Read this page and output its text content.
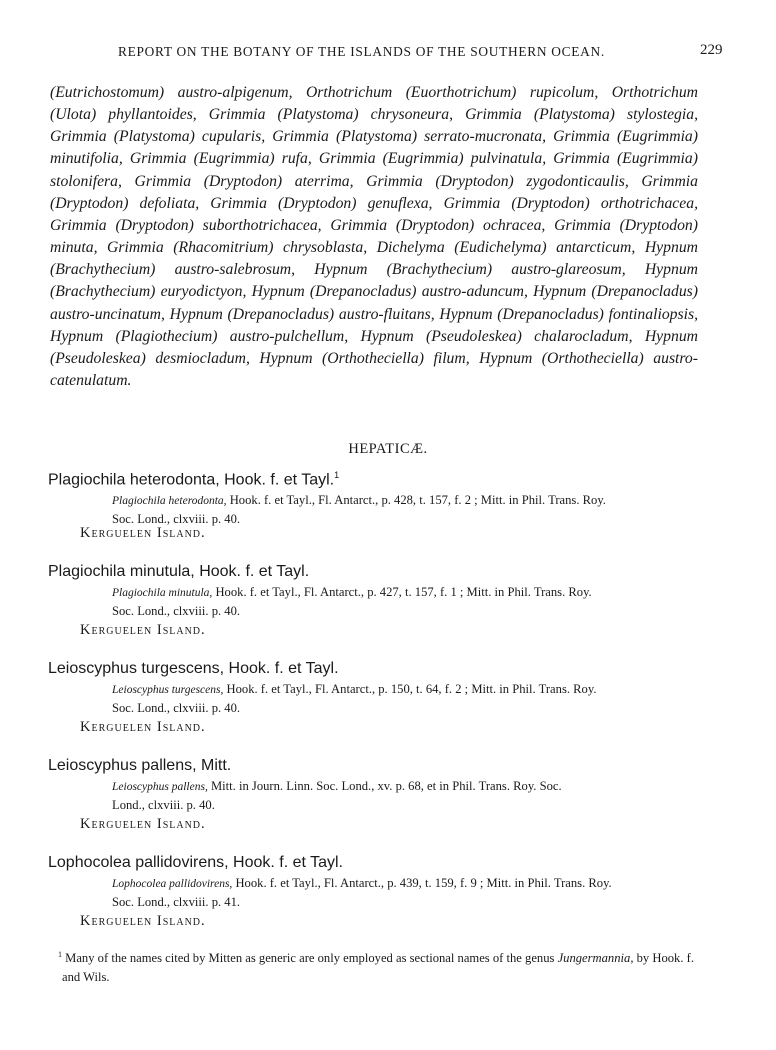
REPORT ON THE BOTANY OF THE ISLANDS OF THE SOUTHERN OCEAN.	229
(Eutrichostomum) austro-alpigenum, Orthotrichum (Euorthotrichum) rupicolum, Orthotrichum (Ulota) phyllantoides, Grimmia (Platystoma) chrysoneura, Grimmia (Platystoma) stylostegia, Grimmia (Platystoma) cupularis, Grimmia (Platystoma) serrato-mucronata, Grimmia (Eugrimmia) minutifolia, Grimmia (Eugrimmia) rufa, Grimmia (Eugrimmia) pulvinatula, Grimmia (Eugrimmia) stolonifera, Grimmia (Dryptodon) aterrima, Grimmia (Dryptodon) zygodonticaulis, Grimmia (Dryptodon) defoliata, Grimmia (Dryptodon) genuflexa, Grimmia (Dryptodon) orthotrichacea, Grimmia (Dryptodon) suborthotrichacea, Grimmia (Dryptodon) ochracea, Grimmia (Dryptodon) minuta, Grimmia (Rhacomitrium) chrysoblasta, Dichelyma (Eudichelyma) antarcticum, Hypnum (Brachythecium) austro-salebrosum, Hypnum (Brachythecium) austro-glareosum, Hypnum (Brachythecium) euryodictyon, Hypnum (Drepanocladus) austro-aduncum, Hypnum (Drepanocladus) austro-uncinatum, Hypnum (Drepanocladus) austro-fluitans, Hypnum (Drepanocladus) fontinaliopsis, Hypnum (Plagiothecium) austro-pulchellum, Hypnum (Pseudoleskea) chalarocladum, Hypnum (Pseudoleskea) desmiocladum, Hypnum (Orthotheciella) filum, Hypnum (Orthotheciella) austro-catenulatum.
HEPATICÆ.

Plagiochila heterodonta, Hook. f. et Tayl.$^1$

Plagiochila heterodonta, Hook. f. et Tayl., Fl. Antarct., p. 428, t. 157, f. 2 ; Mitt. in Phil. Trans. Roy.
Soc. Lond., clxviii. p. 40.
Kerguelen Island.

Plagiochila minutula, Hook. f. et Tayl.

Plagiochila minutula, Hook. f. et Tayl., Fl. Antarct., p. 427, t. 157, f. 1 ; Mitt. in Phil. Trans. Roy.
Soc. Lond., clxviii. p. 40.
Kerguelen Island.

Leioscyphus turgescens, Hook. f. et Tayl.

Leioscyphus turgescens, Hook. f. et Tayl., Fl. Antarct., p. 150, t. 64, f. 2 ; Mitt. in Phil. Trans. Roy.
Soc. Lond., clxviii. p. 40.
Kerguelen Island.

Leioscyphus pallens, Mitt.

Leioscyphus pallens, Mitt. in Journ. Linn. Soc. Lond., xv. p. 68, et in Phil. Trans. Roy. Soc.
Lond., clxviii. p. 40.
Kerguelen Island.

Lophocolea pallidovirens, Hook. f. et Tayl.

Lophocolea pallidovirens, Hook. f. et Tayl., Fl. Antarct., p. 439, t. 159, f. 9 ; Mitt. in Phil. Trans. Roy.
Soc. Lond., clxviii. p. 41.
Kerguelen Island.
$^1$ Many of the names cited by Mitten as generic are only employed as sectional names of the genus Jungermannia, by Hook. f. and Wils.
